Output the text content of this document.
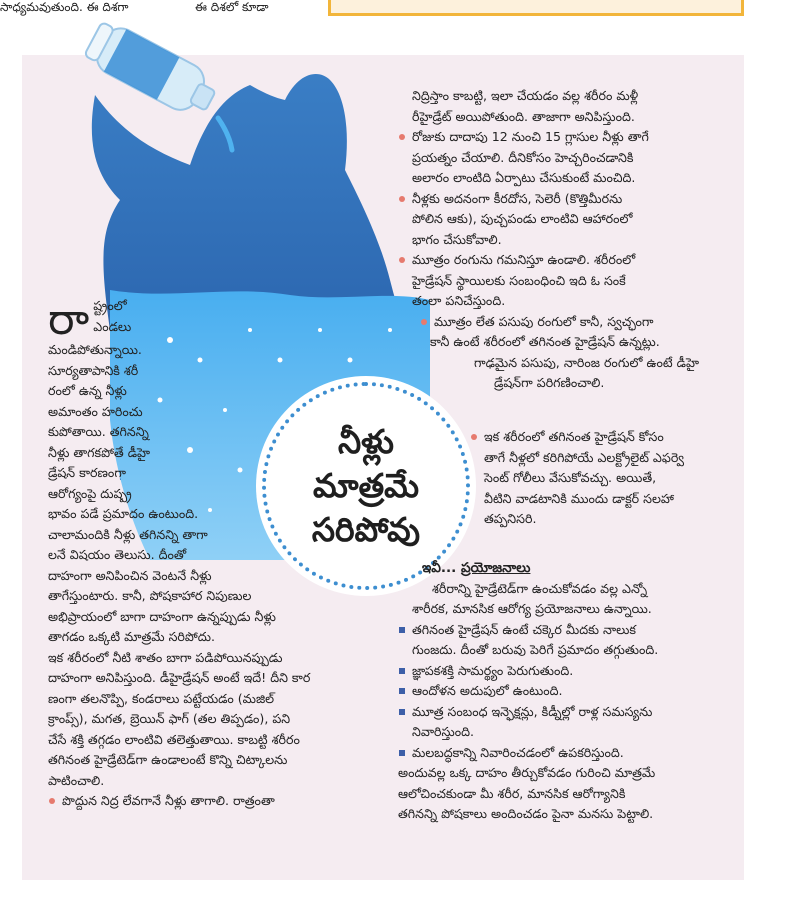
సాధ్యమవుతుంది. ఈ దిశగా	ఈ దిశలో కూడా
నీళ్లు
మాత్రమే
సరిపోవు
రా ష్ట్రంలో

ఎండలు

మండిపోతున్నాయి.

సూర్యతాపానికి శరీ

రంలో ఉన్న నీళ్లు

అమాంతం హరించు

కుపోతాయి. తగినన్ని

నీళ్లు తాగకపోతే డీహై

డ్రేషన్ కారణంగా

ఆరోగ్యంపై దుష్ప్ర

భావం పడే ప్రమాదం ఉంటుంది.

చాలామందికి నీళ్లు తగినన్ని తాగా

లనే విషయం తెలుసు. దీంతో

దాహంగా అనిపించిన వెంటనే నీళ్లు

తాగేస్తుంటారు. కానీ, పోషకాహార నిపుణుల

అభిప్రాయంలో బాగా దాహంగా ఉన్నప్పుడు నీళ్లు

తాగడం ఒక్కటి మాత్రమే సరిపోదు.

ఇక శరీరంలో నీటి శాతం బాగా పడిపోయినప్పుడు

దాహంగా అనిపిస్తుంది. డీహైడ్రేషన్ అంటే ఇదే! దీని కార

ణంగా తలనొప్పి, కండరాలు పట్టేయడం (మజిల్

క్రాంప్స్), మగత, బ్రెయిన్ ఫాగ్ (తల తిప్పడం), పని

చేసే శక్తి తగ్గడం లాంటివి తలెత్తుతాయి. కాబట్టి శరీరం

తగినంత హైడ్రేటెడ్‌గా ఉండాలంటే కొన్ని చిట్కాలను

పాటించాలి.

పొద్దున నిద్ర లేవగానే నీళ్లు తాగాలి. రాత్రంతా

నిద్రిస్తాం కాబట్టి, ఇలా చేయడం వల్ల శరీరం మళ్లీ

రీహైడ్రేట్ అయిపోతుంది. తాజాగా అనిపిస్తుంది.

రోజుకు దాదాపు 12 నుంచి 15 గ్లాసుల నీళ్లు తాగే

ప్రయత్నం చేయాలి. దీనికోసం హెచ్చరించడానికి

అలారం లాంటిది ఏర్పాటు చేసుకుంటే మంచిది.

నీళ్లకు అదనంగా కీరదోస, సెలెరీ (కొత్తిమీరను

పోలిన ఆకు), పుచ్చపండు లాంటివి ఆహారంలో

భాగం చేసుకోవాలి.

మూత్రం రంగును గమనిస్తూ ఉండాలి. శరీరంలో

హైడ్రేషన్ స్థాయిలకు సంబంధించి ఇది ఓ సంకే

తంలా పనిచేస్తుంది.

మూత్రం లేత పసుపు రంగులో కానీ, స్వచ్ఛంగా

కానీ ఉంటే శరీరంలో తగినంత హైడ్రేషన్ ఉన్నట్లు.

గాఢమైన పసుపు, నారింజ రంగులో ఉంటే డీహై

డ్రేషన్‌గా పరిగణించాలి.

ఇక శరీరంలో తగినంత హైడ్రేషన్ కోసం

తాగే నీళ్లలో కరిగిపోయే ఎలక్ట్రోలైట్ ఎఫర్వె

సెంట్ గోలీలు వేసుకోవచ్చు. అయితే,

వీటిని వాడటానికి ముందు డాక్టర్ సలహా

తప్పనిసరి.

ఇవీ... ప్రయోజనాలు

శరీరాన్ని హైడ్రేటెడ్‌గా ఉంచుకోవడం వల్ల ఎన్నో

శారీరక, మానసిక ఆరోగ్య ప్రయోజనాలు ఉన్నాయి.

తగినంత హైడ్రేషన్ ఉంటే చక్కెర మీదకు నాలుక

గుంజదు. దీంతో బరువు పెరిగే ప్రమాదం తగ్గుతుంది.

జ్ఞాపకశక్తి సామర్థ్యం పెరుగుతుంది.

ఆందోళన అదుపులో ఉంటుంది.

మూత్ర సంబంధ ఇన్ఫెక్షన్లు, కిడ్నీల్లో రాళ్ల సమస్యను

నివారిస్తుంది.

మలబద్ధకాన్ని నివారించడంలో ఉపకరిస్తుంది.

అందువల్ల ఒక్క దాహం తీర్చుకోవడం గురించి మాత్రమే

ఆలోచించకుండా మీ శరీర, మానసిక ఆరోగ్యానికి

తగినన్ని పోషకాలు అందించడం పైనా మనసు పెట్టాలి.
